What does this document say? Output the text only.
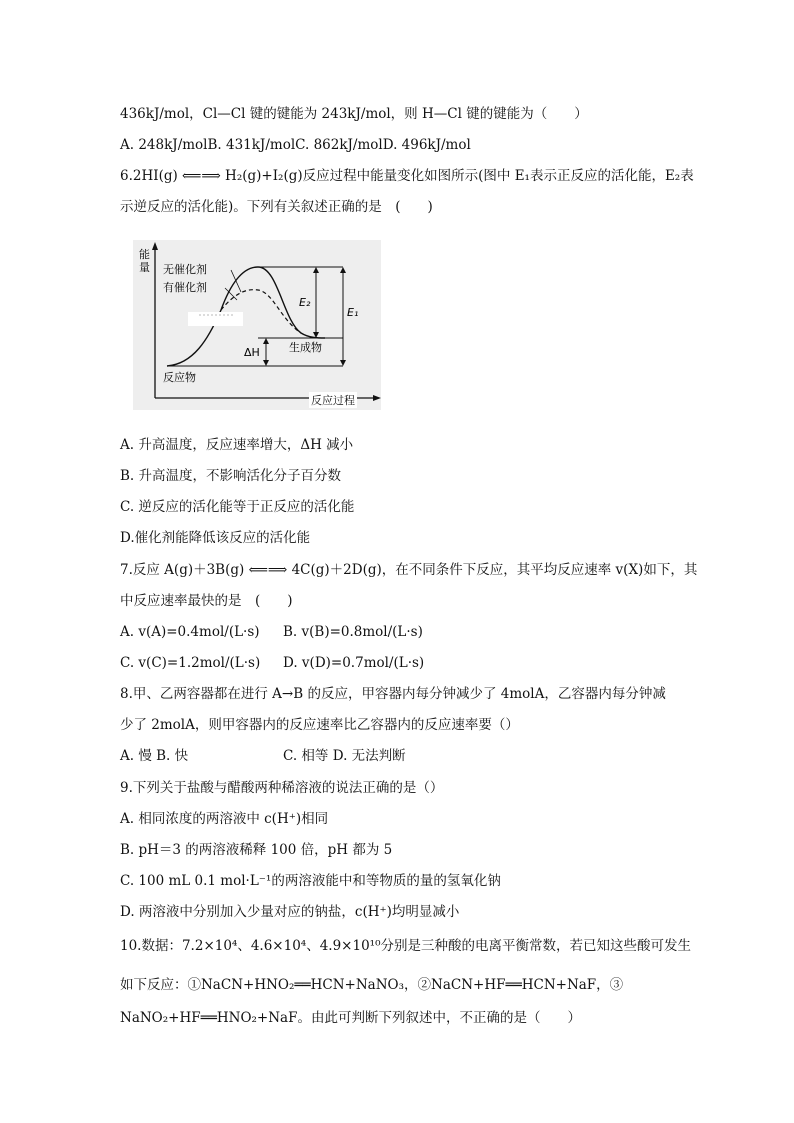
436kJ/mol，Cl—Cl 键的键能为 243kJ/mol，则 H—Cl 键的键能为（　　）
A. 248kJ/molB. 431kJ/molC. 862kJ/molD. 496kJ/mol
6.2HI(g) ⟸⟹ H₂(g)+I₂(g)反应过程中能量变化如图所示(图中 E₁表示正反应的活化能，E₂表
示逆反应的活化能)。下列有关叙述正确的是　(　　)
能
量 无催化剂
有催化剂
反应物
生成物
E₂
E₁
ΔH
反应过程
A. 升高温度，反应速率增大，ΔH 减小
B. 升高温度，不影响活化分子百分数
C. 逆反应的活化能等于正反应的活化能
D.催化剂能降低该反应的活化能
7.反应 A(g)＋3B(g) ⟸⟹ 4C(g)＋2D(g)，在不同条件下反应，其平均反应速率 v(X)如下，其
中反应速率最快的是　(　　)
A. v(A)=0.4mol/(L·s) B. v(B)=0.8mol/(L·s)
C. v(C)=1.2mol/(L·s) D. v(D)=0.7mol/(L·s)
8.甲、乙两容器都在进行 A→B 的反应，甲容器内每分钟减少了 4molA，乙容器内每分钟减
少了 2molA，则甲容器内的反应速率比乙容器内的反应速率要（）
A. 慢 B. 快	C. 相等 D. 无法判断
9.下列关于盐酸与醋酸两种稀溶液的说法正确的是（）
A. 相同浓度的两溶液中 c(H⁺)相同
B. pH＝3 的两溶液稀释 100 倍，pH 都为 5
C. 100 mL 0.1 mol·L⁻¹的两溶液能中和等物质的量的氢氧化钠
D. 两溶液中分别加入少量对应的钠盐，c(H⁺)均明显减小
10.数据：7.2×10⁴、4.6×10⁴、4.9×10¹⁰分别是三种酸的电离平衡常数，若已知这些酸可发生
如下反应：①NaCN+HNO₂══HCN+NaNO₃，②NaCN+HF══HCN+NaF，③
NaNO₂+HF══HNO₂+NaF。由此可判断下列叙述中，不正确的是（　　）
